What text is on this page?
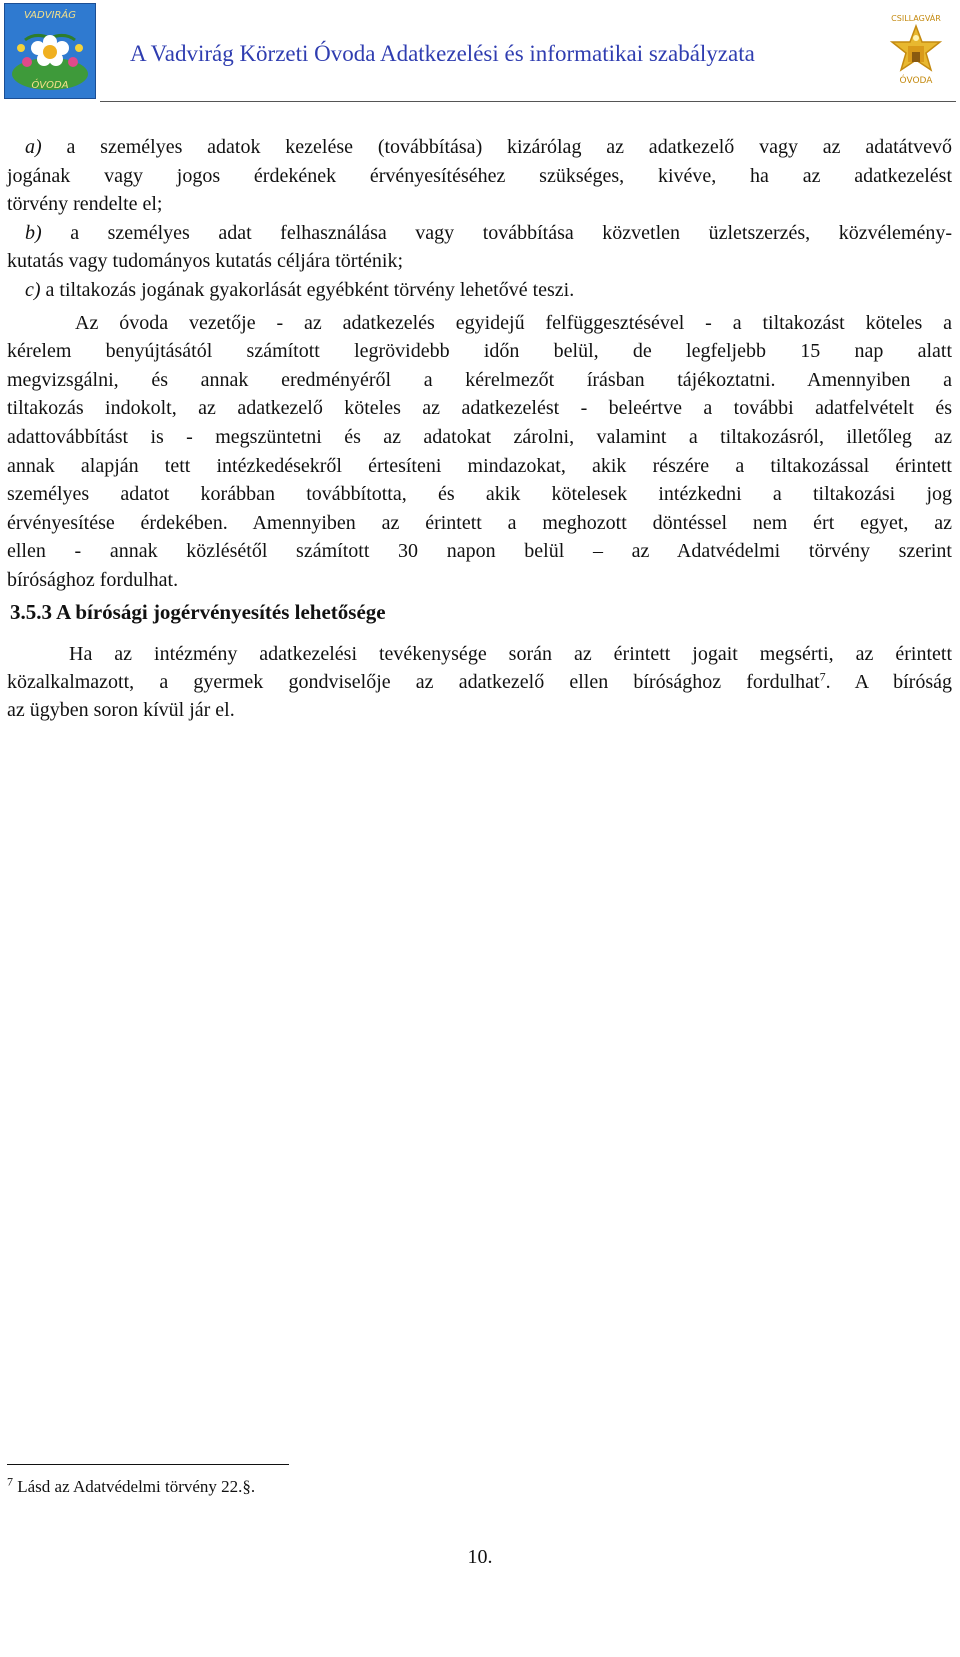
VADVIRÁG
ÓVODA
A Vadvirág Körzeti Óvoda Adatkezelési és informatikai szabályzata
CSILLAGVÁR
ÓVODA
a) a személyes adatok kezelése (továbbítása) kizárólag az adatkezelő vagy az adatátvevő
jogának vagy jogos érdekének érvényesítéséhez szükséges, kivéve, ha az adatkezelést
törvény rendelte el;
b) a személyes adat felhasználása vagy továbbítása közvetlen üzletszerzés, közvélemény-
kutatás vagy tudományos kutatás céljára történik;
c) a tiltakozás jogának gyakorlását egyébként törvény lehetővé teszi.
Az óvoda vezetője - az adatkezelés egyidejű felfüggesztésével - a tiltakozást köteles a
kérelem benyújtásától számított legrövidebb időn belül, de legfeljebb 15 nap alatt
megvizsgálni, és annak eredményéről a kérelmezőt írásban tájékoztatni. Amennyiben a
tiltakozás indokolt, az adatkezelő köteles az adatkezelést - beleértve a további adatfelvételt és
adattovábbítást is - megszüntetni és az adatokat zárolni, valamint a tiltakozásról, illetőleg az
annak alapján tett intézkedésekről értesíteni mindazokat, akik részére a tiltakozással érintett
személyes adatot korábban továbbította, és akik kötelesek intézkedni a tiltakozási jog
érvényesítése érdekében. Amennyiben az érintett a meghozott döntéssel nem ért egyet, az
ellen - annak közlésétől számított 30 napon belül – az Adatvédelmi törvény szerint
bírósághoz fordulhat.
3.5.3 A bírósági jogérvényesítés lehetősége
Ha az intézmény adatkezelési tevékenysége során az érintett jogait megsérti, az érintett
közalkalmazott, a gyermek gondviselője az adatkezelő ellen bírósághoz fordulhat$^7$. A bíróság
az ügyben soron kívül jár el.
$^7$ Lásd az Adatvédelmi törvény 22.§.
10.
